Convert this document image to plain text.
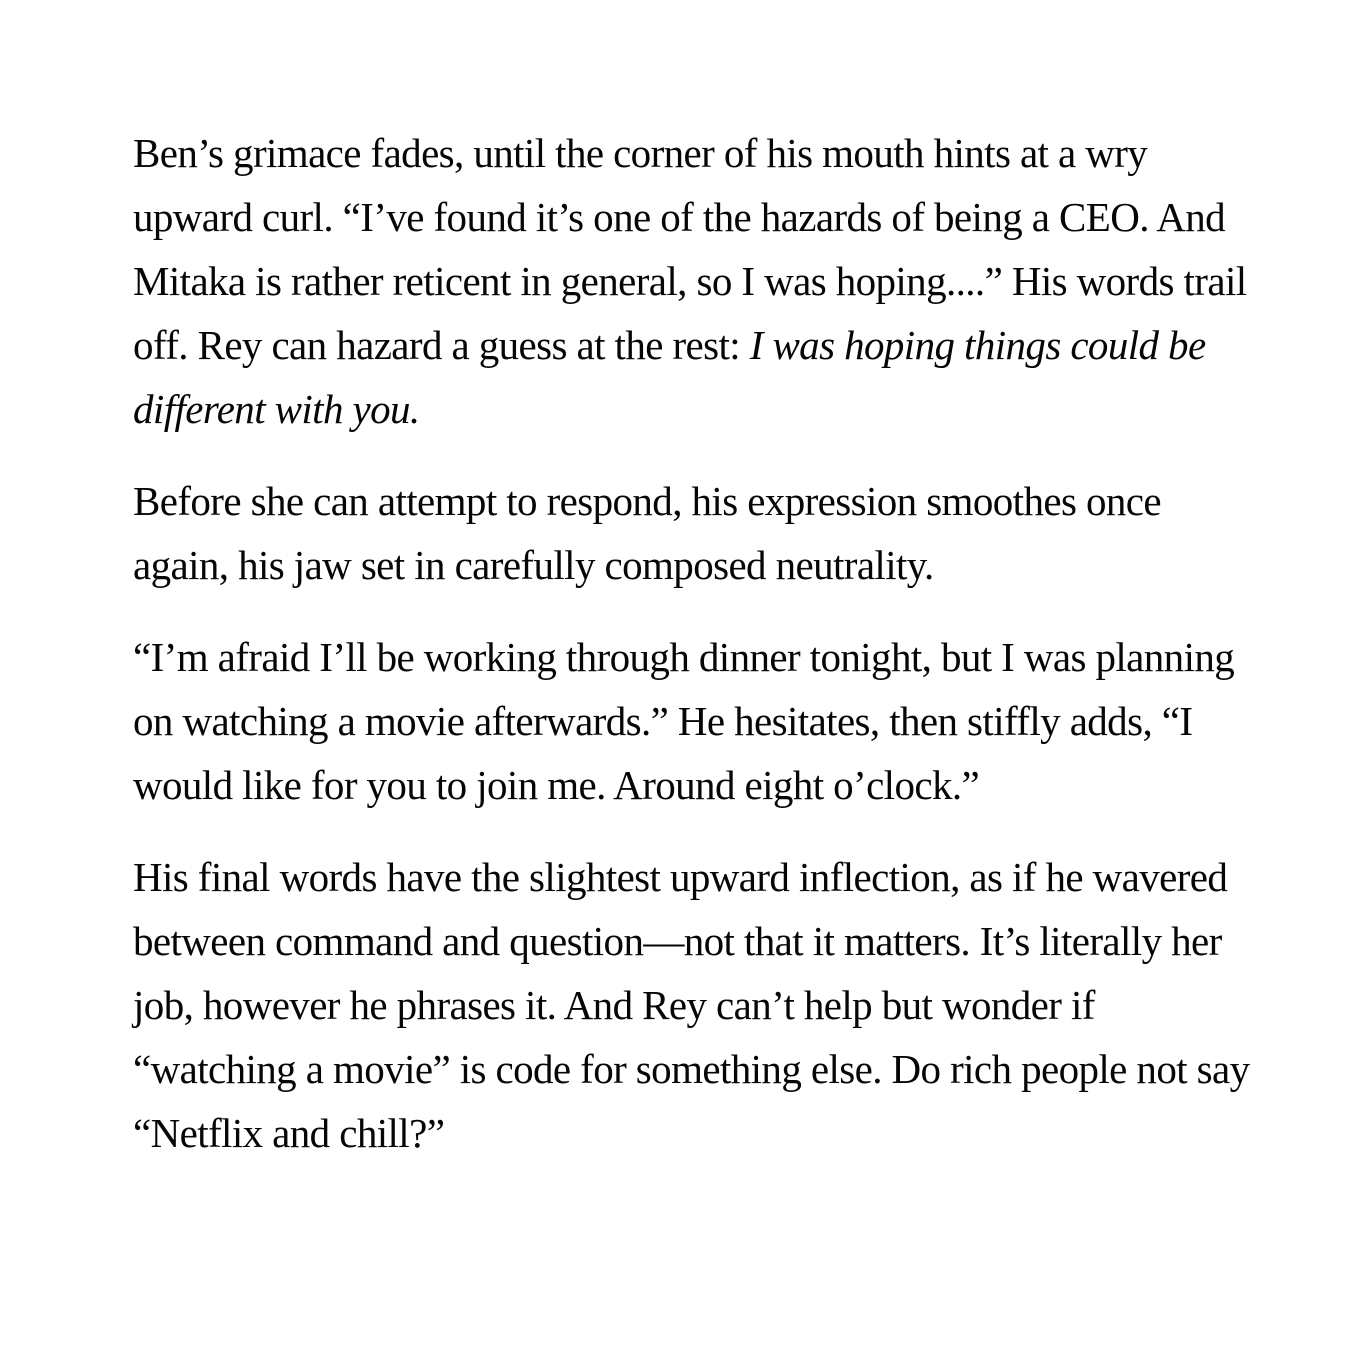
Ben’s grimace fades, until the corner of his mouth hints at a wry upward curl. “I’ve found it’s one of the hazards of being a CEO. And Mitaka is rather reticent in general, so I was hoping....” His words trail off. Rey can hazard a guess at the rest: I was hoping things could be different with you.

Before she can attempt to respond, his expression smoothes once again, his jaw set in carefully composed neutrality.

“I’m afraid I’ll be working through dinner tonight, but I was planning on watching a movie afterwards.” He hesitates, then stiffly adds, “I would like for you to join me. Around eight o’clock.”

His final words have the slightest upward inflection, as if he wavered between command and question—not that it matters. It’s literally her job, however he phrases it. And Rey can’t help but wonder if “watching a movie” is code for something else. Do rich people not say “Netflix and chill?”
